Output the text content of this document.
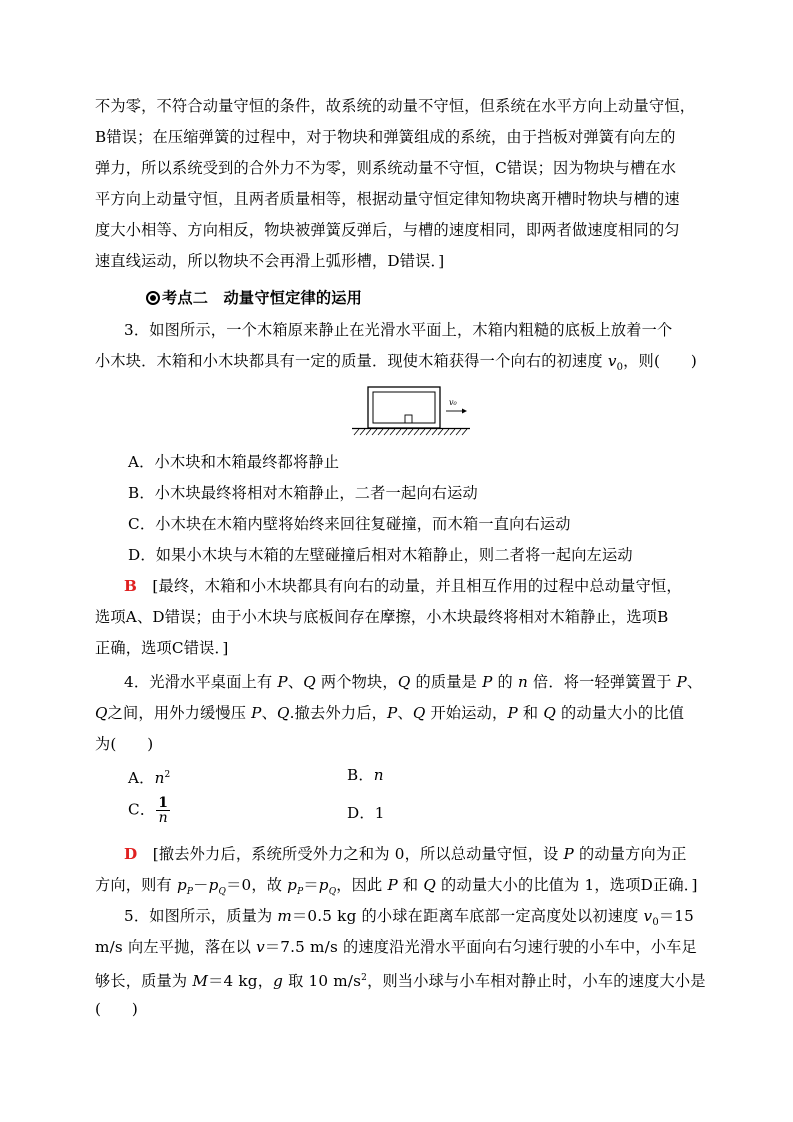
不为零，不符合动量守恒的条件，故系统的动量不守恒，但系统在水平方向上动量守恒，
B错误；在压缩弹簧的过程中，对于物块和弹簧组成的系统，由于挡板对弹簧有向左的
弹力，所以系统受到的合外力不为零，则系统动量不守恒，C错误；因为物块与槽在水
平方向上动量守恒，且两者质量相等，根据动量守恒定律知物块离开槽时物块与槽的速
度大小相等、方向相反，物块被弹簧反弹后，与槽的速度相同，即两者做速度相同的匀
速直线运动，所以物块不会再滑上弧形槽，D错误．]
考点二　动量守恒定律的运用
3．如图所示，一个木箱原来静止在光滑水平面上，木箱内粗糙的底板上放着一个
小木块．木箱和小木块都具有一定的质量．现使木箱获得一个向右的初速度 $v_0$，则(　　)
v₀
A．小木块和木箱最终都将静止
B．小木块最终将相对木箱静止，二者一起向右运动
C．小木块在木箱内壁将始终来回往复碰撞，而木箱一直向右运动
D．如果小木块与木箱的左壁碰撞后相对木箱静止，则二者将一起向左运动
B　[最终，木箱和小木块都具有向右的动量，并且相互作用的过程中总动量守恒，
选项A、D错误；由于小木块与底板间存在摩擦，小木块最终将相对木箱静止，选项B
正确，选项C错误．]
4．光滑水平桌面上有 P、Q 两个物块，Q 的质量是 P 的 n 倍．将一轻弹簧置于 P、
Q之间，用外力缓慢压 P、Q.撤去外力后，P、Q 开始运动，P 和 Q 的动量大小的比值
为(　　)
A．$n^2$	B．n
C． $\frac{1}{n}$	D．1
D　[撤去外力后，系统所受外力之和为 0，所以总动量守恒，设 P 的动量方向为正
方向，则有 $p_P-p_Q=0$，故 $p_P=p_Q$，因此 P 和 Q 的动量大小的比值为 1，选项D正确．]
5．如图所示，质量为 m＝0.5 kg 的小球在距离车底部一定高度处以初速度 $v_0=15$
m/s 向左平抛，落在以 v＝7.5 m/s 的速度沿光滑水平面向右匀速行驶的小车中，小车足
够长，质量为 M＝4 kg，g 取 10 $m/s^2$，则当小球与小车相对静止时，小车的速度大小是
(　　)
